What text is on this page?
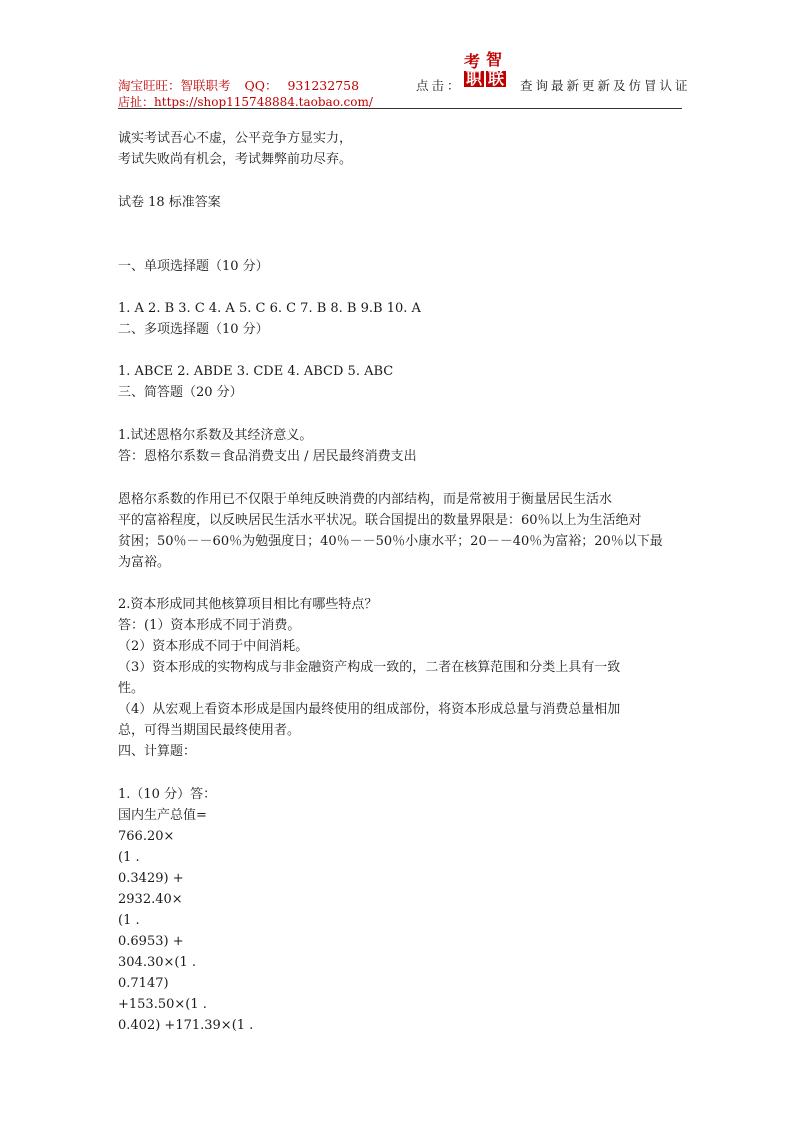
淘宝旺旺：智联职考 QQ： 931232758
店扯：https://shop115748884.taobao.com/
点击：
考 智
职 联 查询最新更新及仿冒认证
诚实考试吾心不虚，公平竞争方显实力，
考试失败尚有机会，考试舞弊前功尽弃。
试卷 18 标准答案
一、单项选择题（10 分）
1. A 2. B 3. C 4. A 5. C 6. C 7. B 8. B 9.B 10. A
二、多项选择题（10 分）
1. ABCE 2. ABDE 3. CDE 4. ABCD 5. ABC
三、简答题（20 分）
1.试述恩格尔系数及其经济意义。
答：恩格尔系数＝食品消费支出 / 居民最终消费支出
恩格尔系数的作用已不仅限于单纯反映消费的内部结构，而是常被用于衡量居民生活水
平的富裕程度，以反映居民生活水平状况。联合国提出的数量界限是：60％以上为生活绝对
贫困；50％－－60％为勉强度日；40％－－50％小康水平；20－－40％为富裕；20％以下最
为富裕。
2.资本形成同其他核算项目相比有哪些特点？
答：(1）资本形成不同于消费。
（2）资本形成不同于中间消耗。
（3）资本形成的实物构成与非金融资产构成一致的，二者在核算范围和分类上具有一致
性。
（4）从宏观上看资本形成是国内最终使用的组成部份，将资本形成总量与消费总量相加
总，可得当期国民最终使用者。
四、计算题：
1.（10 分）答：
国内生产总值=
766.20×
(1 .
0.3429) +
2932.40×
(1 .
0.6953) +
304.30×(1 .
0.7147)
+153.50×(1 .
0.402) +171.39×(1 .
